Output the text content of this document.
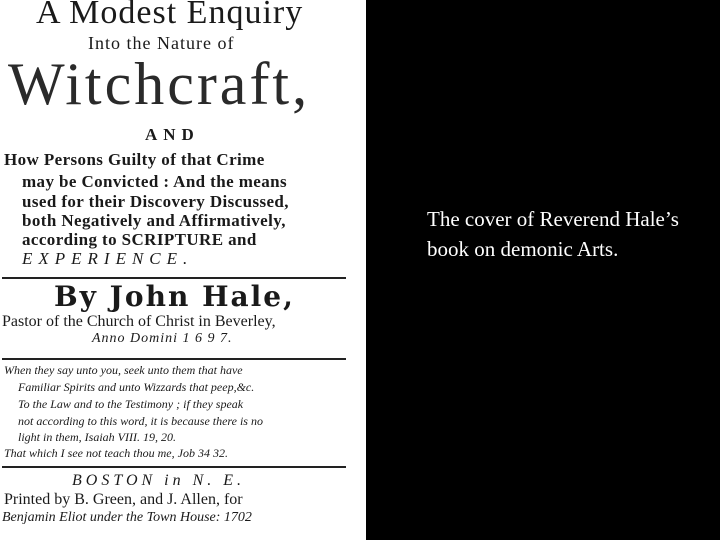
A Modest Enquiry
Into the Nature of
Witchcraft,
AND
How Persons Guilty of that Crime
may be Convicted : And the means
used for their Discovery Discussed,
both Negatively and Affirmatively,
according to SCRIPTURE and
EXPERIENCE.
By John Hale,
Pastor of the Church of Christ in Beverley,
Anno Domini 1 6 9 7.
When they say unto you, seek unto them that have
Familiar Spirits and unto Wizzards that peep,&c.
To the Law and to the Testimony ; if they speak
not according to this word, it is because there is no
light in them, Isaiah VIII. 19, 20.
That which I see not teach thou me, Job 34 32.
BOSTON in N. E.
Printed by B. Green, and J. Allen, for
Benjamin Eliot under the Town House: 1702
The cover of Reverend Hale’s book on demonic Arts.
